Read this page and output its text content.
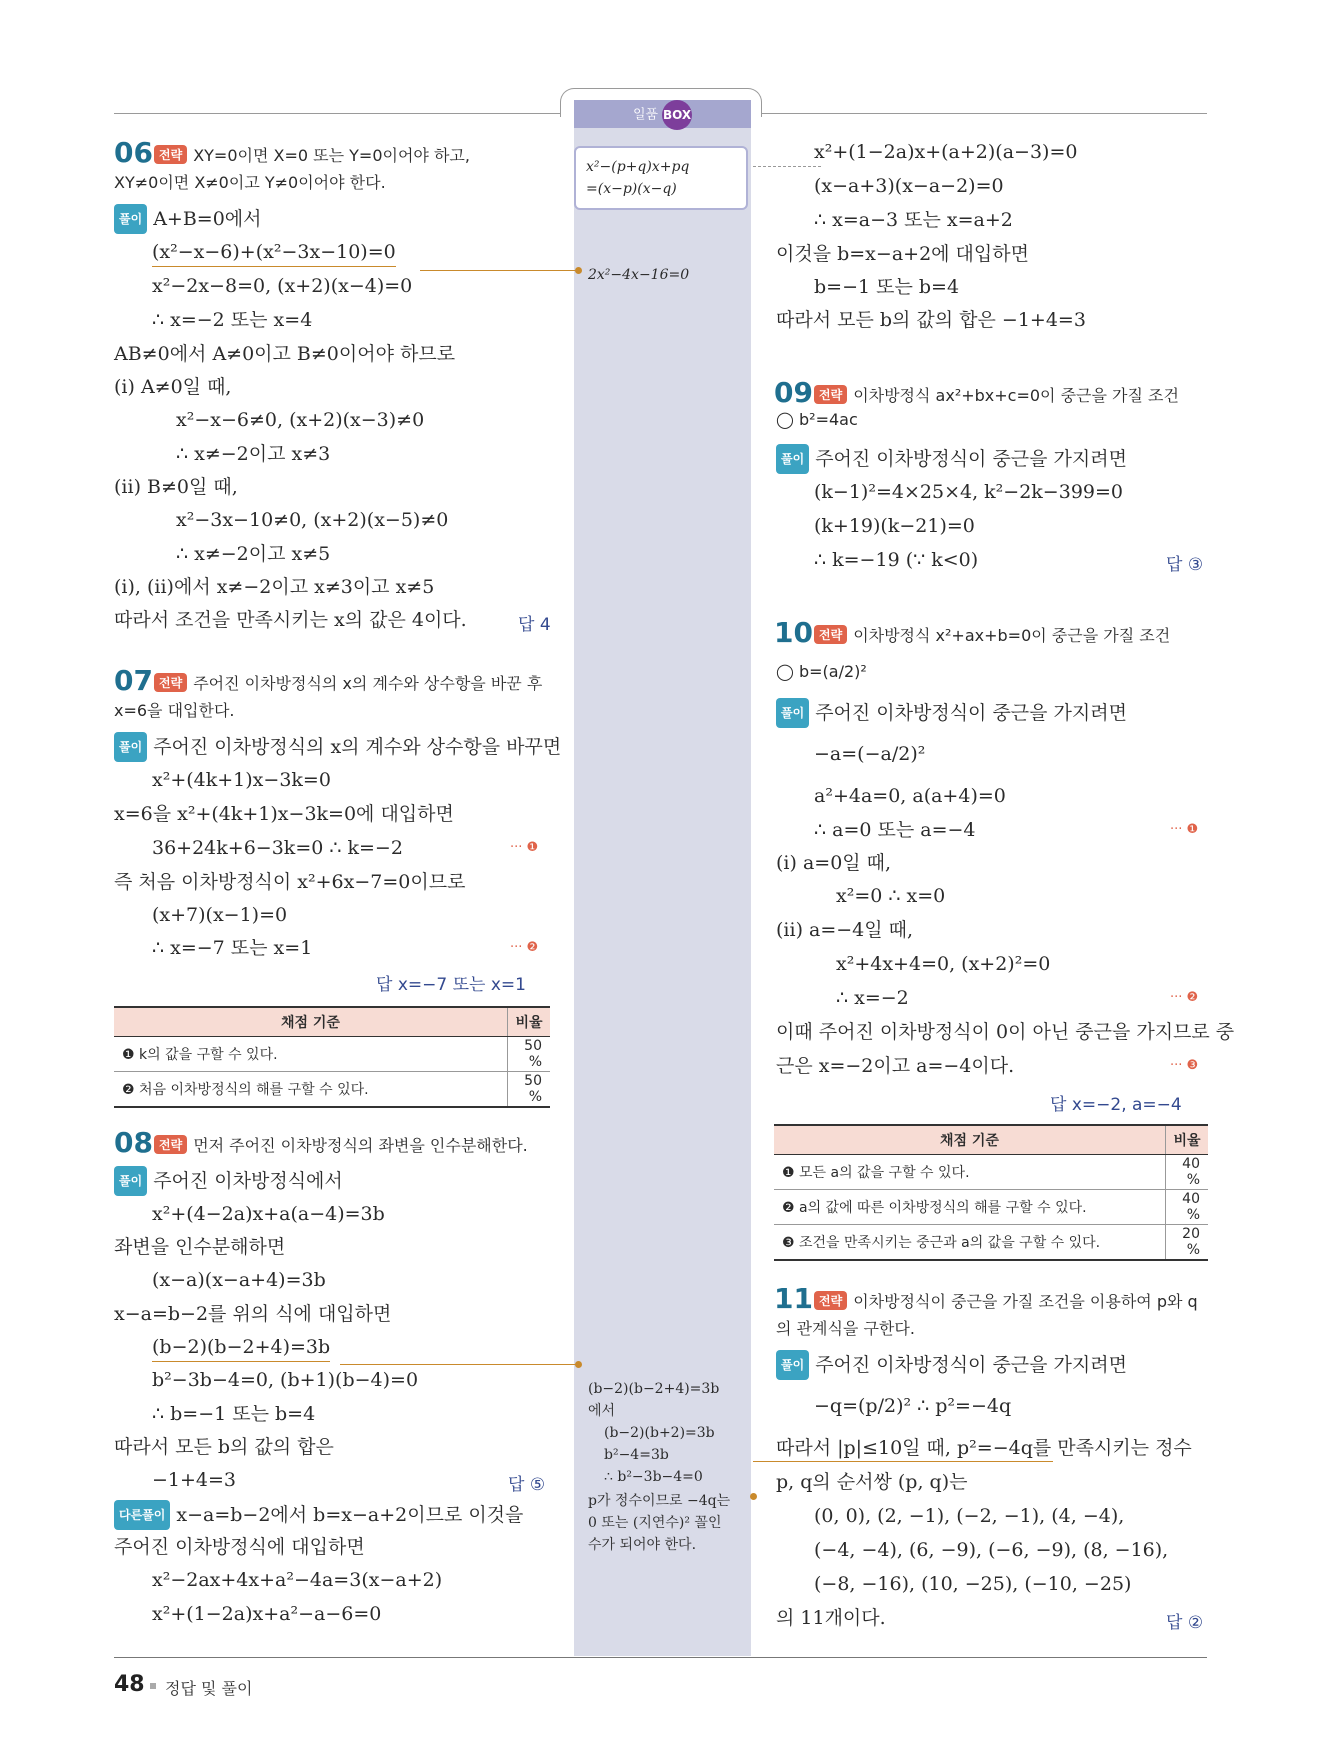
일품 BOX
x²−(p+q)x+pq
=(x−p)(x−q)
2x²−4x−16=0
(b−2)(b−2+4)=3b
에서
(b−2)(b+2)=3b
b²−4=3b
∴ b²−3b−4=0
p가 정수이므로 −4q는
0 또는 (지연수)² 꼴인
수가 되어야 한다.
06 전략 XY=0이면 X=0 또는 Y=0이어야 하고,
XY≠0이면 X≠0이고 Y≠0이어야 한다.
풀이 A+B=0에서
(x²−x−6)+(x²−3x−10)=0
x²−2x−8=0, (x+2)(x−4)=0
∴ x=−2 또는 x=4
AB≠0에서 A≠0이고 B≠0이어야 하므로
(i) A≠0일 때,
x²−x−6≠0, (x+2)(x−3)≠0
∴ x≠−2이고 x≠3
(ii) B≠0일 때,
x²−3x−10≠0, (x+2)(x−5)≠0
∴ x≠−2이고 x≠5
(i), (ii)에서 x≠−2이고 x≠3이고 x≠5
따라서 조건을 만족시키는 x의 값은 4이다.	답 4
07 전략 주어진 이차방정식의 x의 계수와 상수항을 바꾼 후
x=6을 대입한다.
풀이 주어진 이차방정식의 x의 계수와 상수항을 바꾸면
x²+(4k+1)x−3k=0
x=6을 x²+(4k+1)x−3k=0에 대입하면
36+24k+6−3k=0 ∴ k=−2	··· ❶
즉 처음 이차방정식이 x²+6x−7=0이므로
(x+7)(x−1)=0
∴ x=−7 또는 x=1	··· ❷
답 x=−7 또는 x=1
채점 기준	비율
❶ k의 값을 구할 수 있다.	50 %
❷ 처음 이차방정식의 해를 구할 수 있다.	50 %
08 전략 먼저 주어진 이차방정식의 좌변을 인수분해한다.
풀이 주어진 이차방정식에서
x²+(4−2a)x+a(a−4)=3b
좌변을 인수분해하면
(x−a)(x−a+4)=3b
x−a=b−2를 위의 식에 대입하면
(b−2)(b−2+4)=3b
b²−3b−4=0, (b+1)(b−4)=0
∴ b=−1 또는 b=4
따라서 모든 b의 값의 합은
−1+4=3	답 ⑤
다른풀이 x−a=b−2에서 b=x−a+2이므로 이것을
주어진 이차방정식에 대입하면
x²−2ax+4x+a²−4a=3(x−a+2)
x²+(1−2a)x+a²−a−6=0
x²+(1−2a)x+(a+2)(a−3)=0
(x−a+3)(x−a−2)=0
∴ x=a−3 또는 x=a+2
이것을 b=x−a+2에 대입하면
b=−1 또는 b=4
따라서 모든 b의 값의 합은 −1+4=3
09 전략 이차방정식 ax²+bx+c=0이 중근을 가질 조건
◯ b²=4ac
풀이 주어진 이차방정식이 중근을 가지려면
(k−1)²=4×25×4, k²−2k−399=0
(k+19)(k−21)=0
∴ k=−19 (∵ k<0)	답 ③
10 전략 이차방정식 x²+ax+b=0이 중근을 가질 조건
◯ b=(a/2)²
풀이 주어진 이차방정식이 중근을 가지려면
−a=(−a/2)²
a²+4a=0, a(a+4)=0
∴ a=0 또는 a=−4	··· ❶
(i) a=0일 때,
x²=0 ∴ x=0
(ii) a=−4일 때,
x²+4x+4=0, (x+2)²=0
∴ x=−2	··· ❷
이때 주어진 이차방정식이 0이 아닌 중근을 가지므로 중
근은 x=−2이고 a=−4이다.	··· ❸
답 x=−2, a=−4
채점 기준	비율
❶ 모든 a의 값을 구할 수 있다.	40 %
❷ a의 값에 따른 이차방정식의 해를 구할 수 있다.	40 %
❸ 조건을 만족시키는 중근과 a의 값을 구할 수 있다.	20 %
11 전략 이차방정식이 중근을 가질 조건을 이용하여 p와 q
의 관계식을 구한다.
풀이 주어진 이차방정식이 중근을 가지려면
−q=(p/2)² ∴ p²=−4q
따라서 |p|≤10일 때, p²=−4q를 만족시키는 정수
p, q의 순서쌍 (p, q)는
(0, 0), (2, −1), (−2, −1), (4, −4),
(−4, −4), (6, −9), (−6, −9), (8, −16),
(−8, −16), (10, −25), (−10, −25)
의 11개이다.	답 ②
48 정답 및 풀이
